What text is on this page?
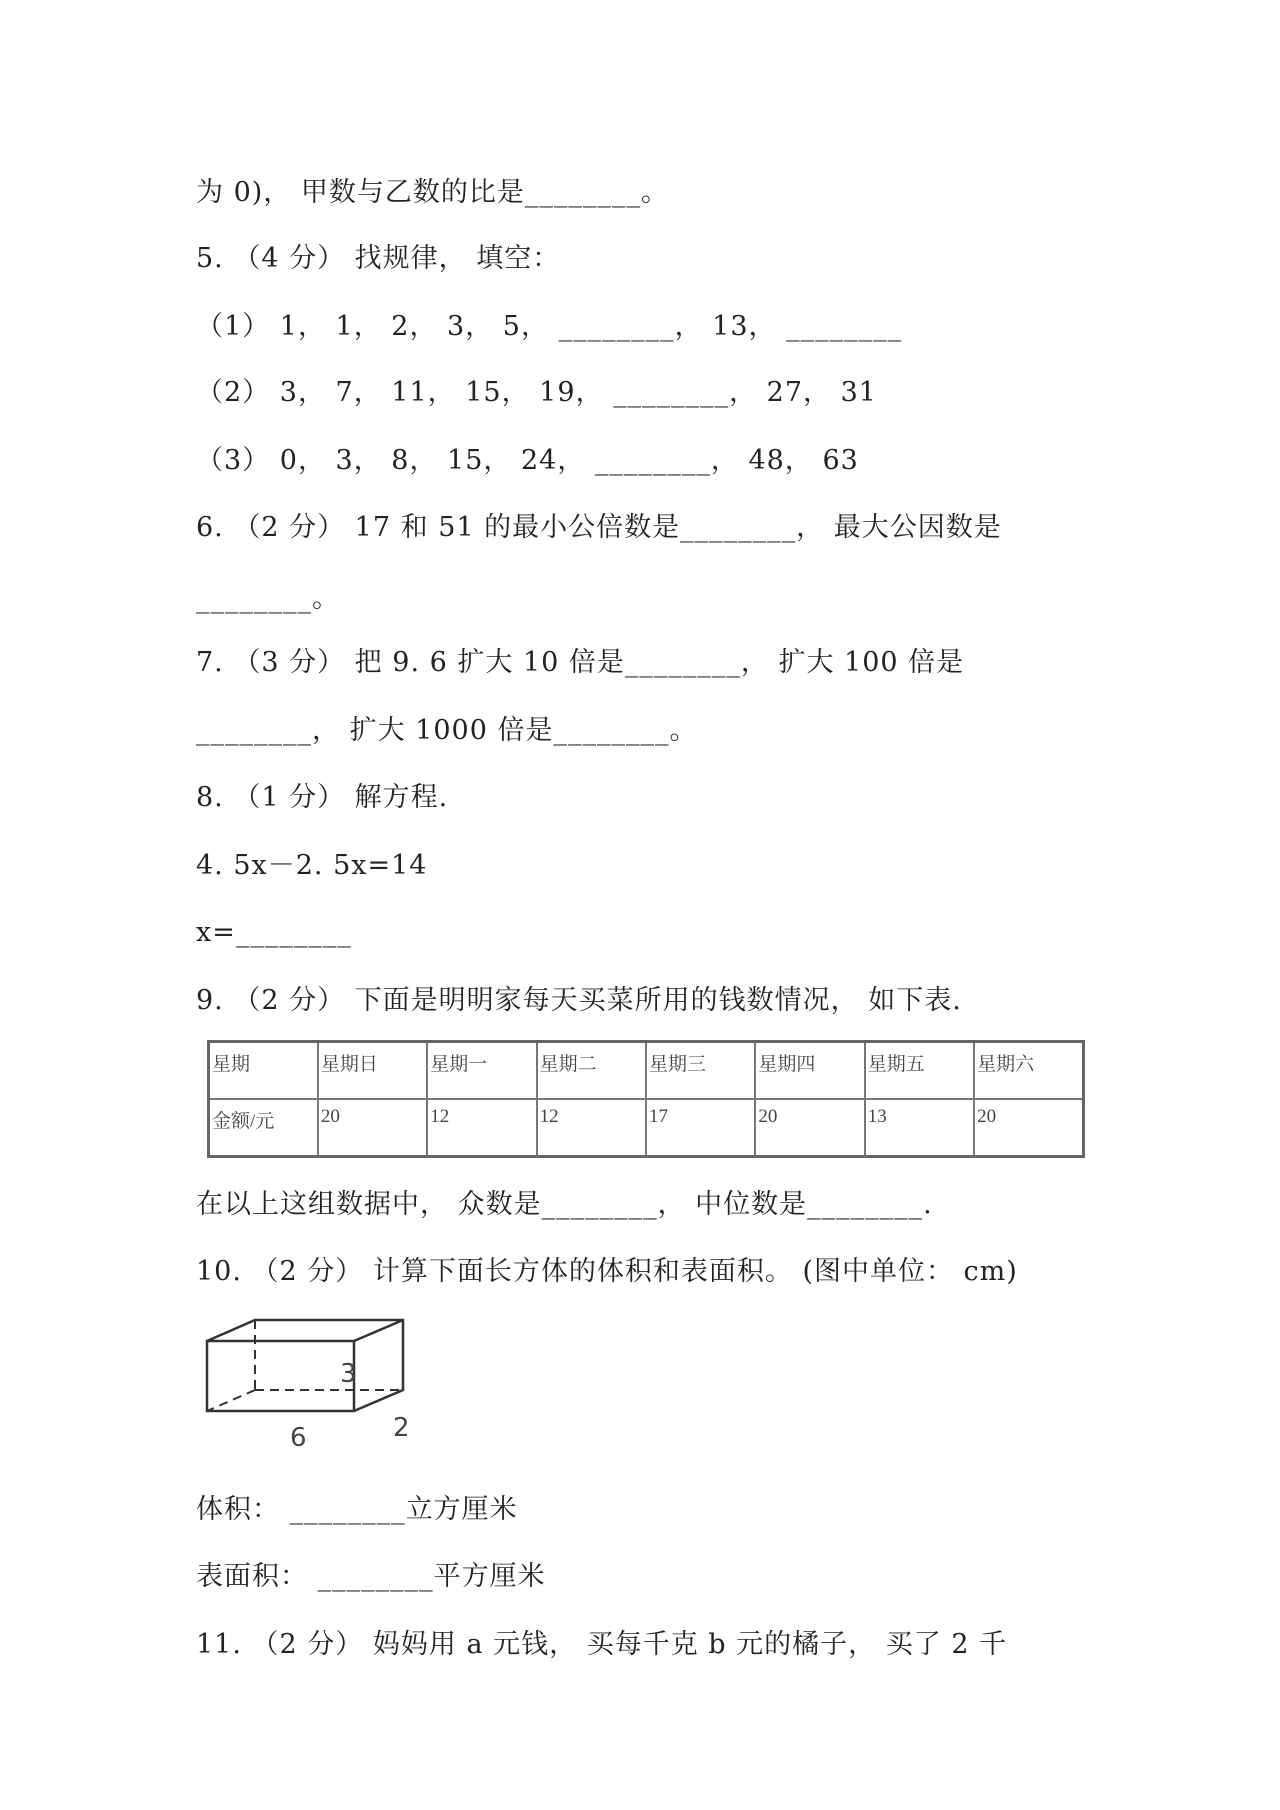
为 0)， 甲数与乙数的比是________。
5. （4 分） 找规律， 填空：
（1） 1， 1， 2， 3， 5， ________， 13， ________
（2） 3， 7， 11， 15， 19， ________， 27， 31
（3） 0， 3， 8， 15， 24， ________， 48， 63
6. （2 分） 17 和 51 的最小公倍数是________， 最大公因数是
________。
7. （3 分） 把 9. 6 扩大 10 倍是________， 扩大 100 倍是
________， 扩大 1000 倍是________。
8. （1 分） 解方程.
4. 5x－2. 5x=14
x=________
9. （2 分） 下面是明明家每天买菜所用的钱数情况， 如下表.
星期	星期日	星期一	星期二	星期三	星期四	星期五	星期六
金额/元	20	12	12	17	20	13	20
在以上这组数据中， 众数是________， 中位数是________.
10. （2 分） 计算下面长方体的体积和表面积。 (图中单位： cm)
3
2
6
体积： ________立方厘米
表面积： ________平方厘米
11. （2 分） 妈妈用 a 元钱， 买每千克 b 元的橘子， 买了 2 千
